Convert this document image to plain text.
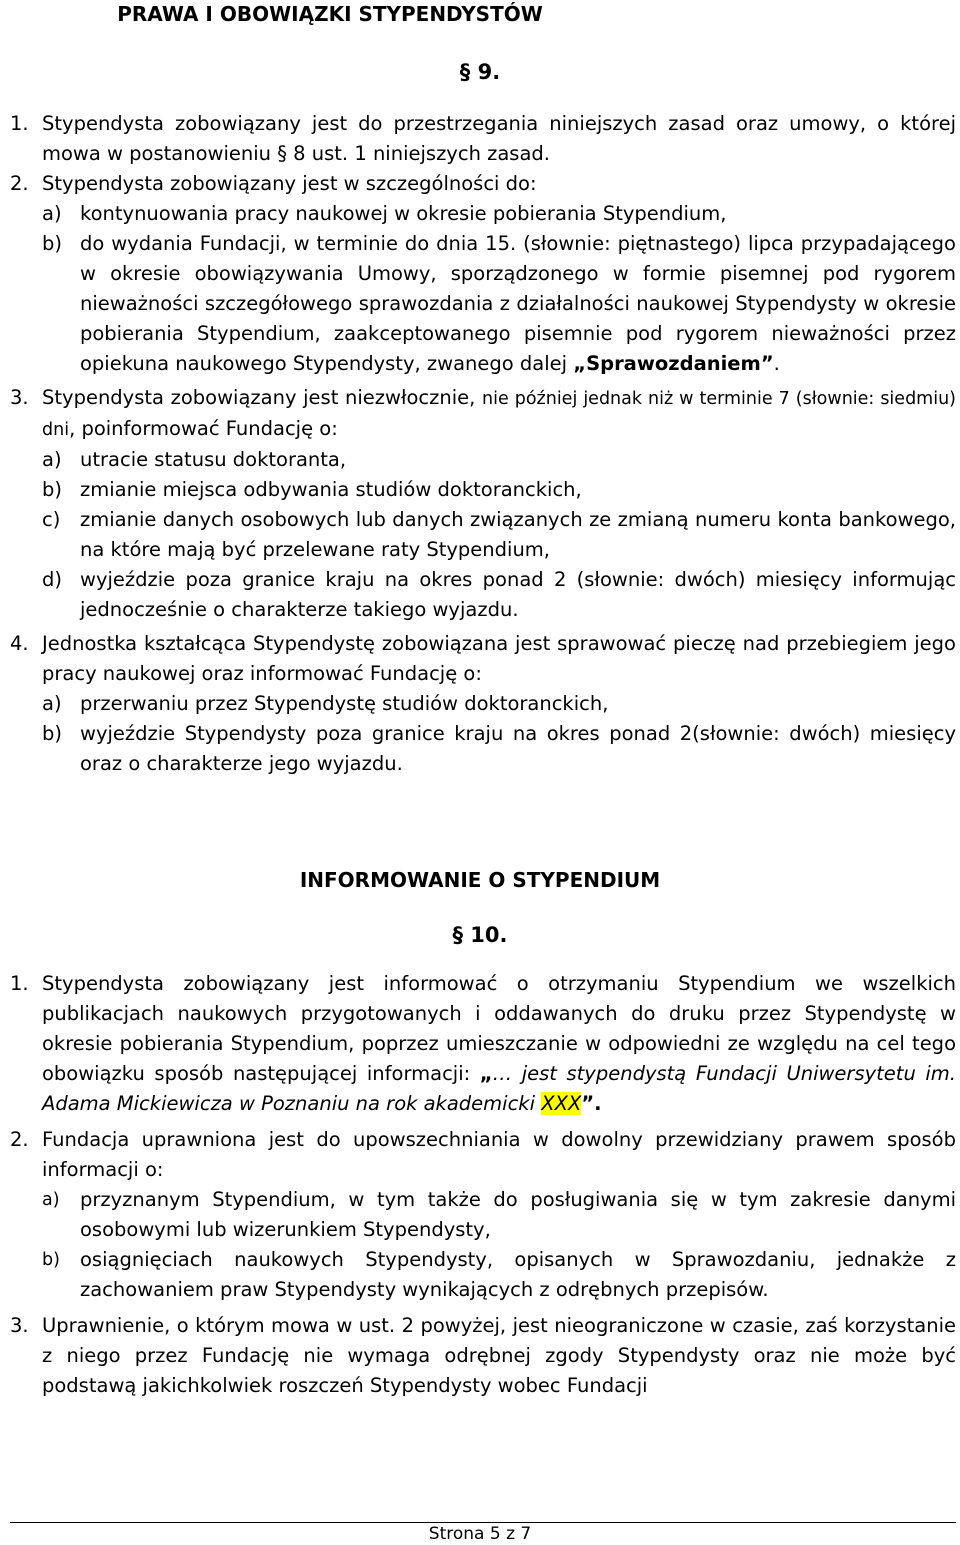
PRAWA I OBOWIĄZKI STYPENDYSTÓW
§ 9.
1. Stypendysta zobowiązany jest do przestrzegania niniejszych zasad oraz umowy, o której mowa w postanowieniu § 8 ust. 1 niniejszych zasad.
2. Stypendysta zobowiązany jest w szczególności do:
a) kontynuowania pracy naukowej w okresie pobierania Stypendium,
b) do wydania Fundacji, w terminie do dnia 15. (słownie: piętnastego) lipca przypadającego w okresie obowiązywania Umowy, sporządzonego w formie pisemnej pod rygorem nieważności szczegółowego sprawozdania z działalności naukowej Stypendysty w okresie pobierania Stypendium, zaakceptowanego pisemnie pod rygorem nieważności przez opiekuna naukowego Stypendysty, zwanego dalej „Sprawozdaniem”.
3. Stypendysta zobowiązany jest niezwłocznie, nie później jednak niż w terminie 7 (słownie: siedmiu) dni, poinformować Fundację o:
a) utracie statusu doktoranta,
b) zmianie miejsca odbywania studiów doktoranckich,
c) zmianie danych osobowych lub danych związanych ze zmianą numeru konta bankowego, na które mają być przelewane raty Stypendium,
d) wyjeździe poza granice kraju na okres ponad 2 (słownie: dwóch) miesięcy informując jednocześnie o charakterze takiego wyjazdu.
4. Jednostka kształcąca Stypendystę zobowiązana jest sprawować pieczę nad przebiegiem jego pracy naukowej oraz informować Fundację o:
a) przerwaniu przez Stypendystę studiów doktoranckich,
b) wyjeździe Stypendysty poza granice kraju na okres ponad 2(słownie: dwóch) miesięcy oraz o charakterze jego wyjazdu.
INFORMOWANIE O STYPENDIUM
§ 10.
1. Stypendysta zobowiązany jest informować o otrzymaniu Stypendium we wszelkich publikacjach naukowych przygotowanych i oddawanych do druku przez Stypendystę w okresie pobierania Stypendium, poprzez umieszczanie w odpowiedni ze względu na cel tego obowiązku sposób następującej informacji: „… jest stypendystą Fundacji Uniwersytetu im. Adama Mickiewicza w Poznaniu na rok akademicki XXX”.
2. Fundacja uprawniona jest do upowszechniania w dowolny przewidziany prawem sposób informacji o:
a) przyznanym Stypendium, w tym także do posługiwania się w tym zakresie danymi osobowymi lub wizerunkiem Stypendysty,
b) osiągnięciach naukowych Stypendysty, opisanych w Sprawozdaniu, jednakże z zachowaniem praw Stypendysty wynikających z odrębnych przepisów.
3. Uprawnienie, o którym mowa w ust. 2 powyżej, jest nieograniczone w czasie, zaś korzystanie z niego przez Fundację nie wymaga odrębnej zgody Stypendysty oraz nie może być podstawą jakichkolwiek roszczeń Stypendysty wobec Fundacji
Strona 5 z 7
